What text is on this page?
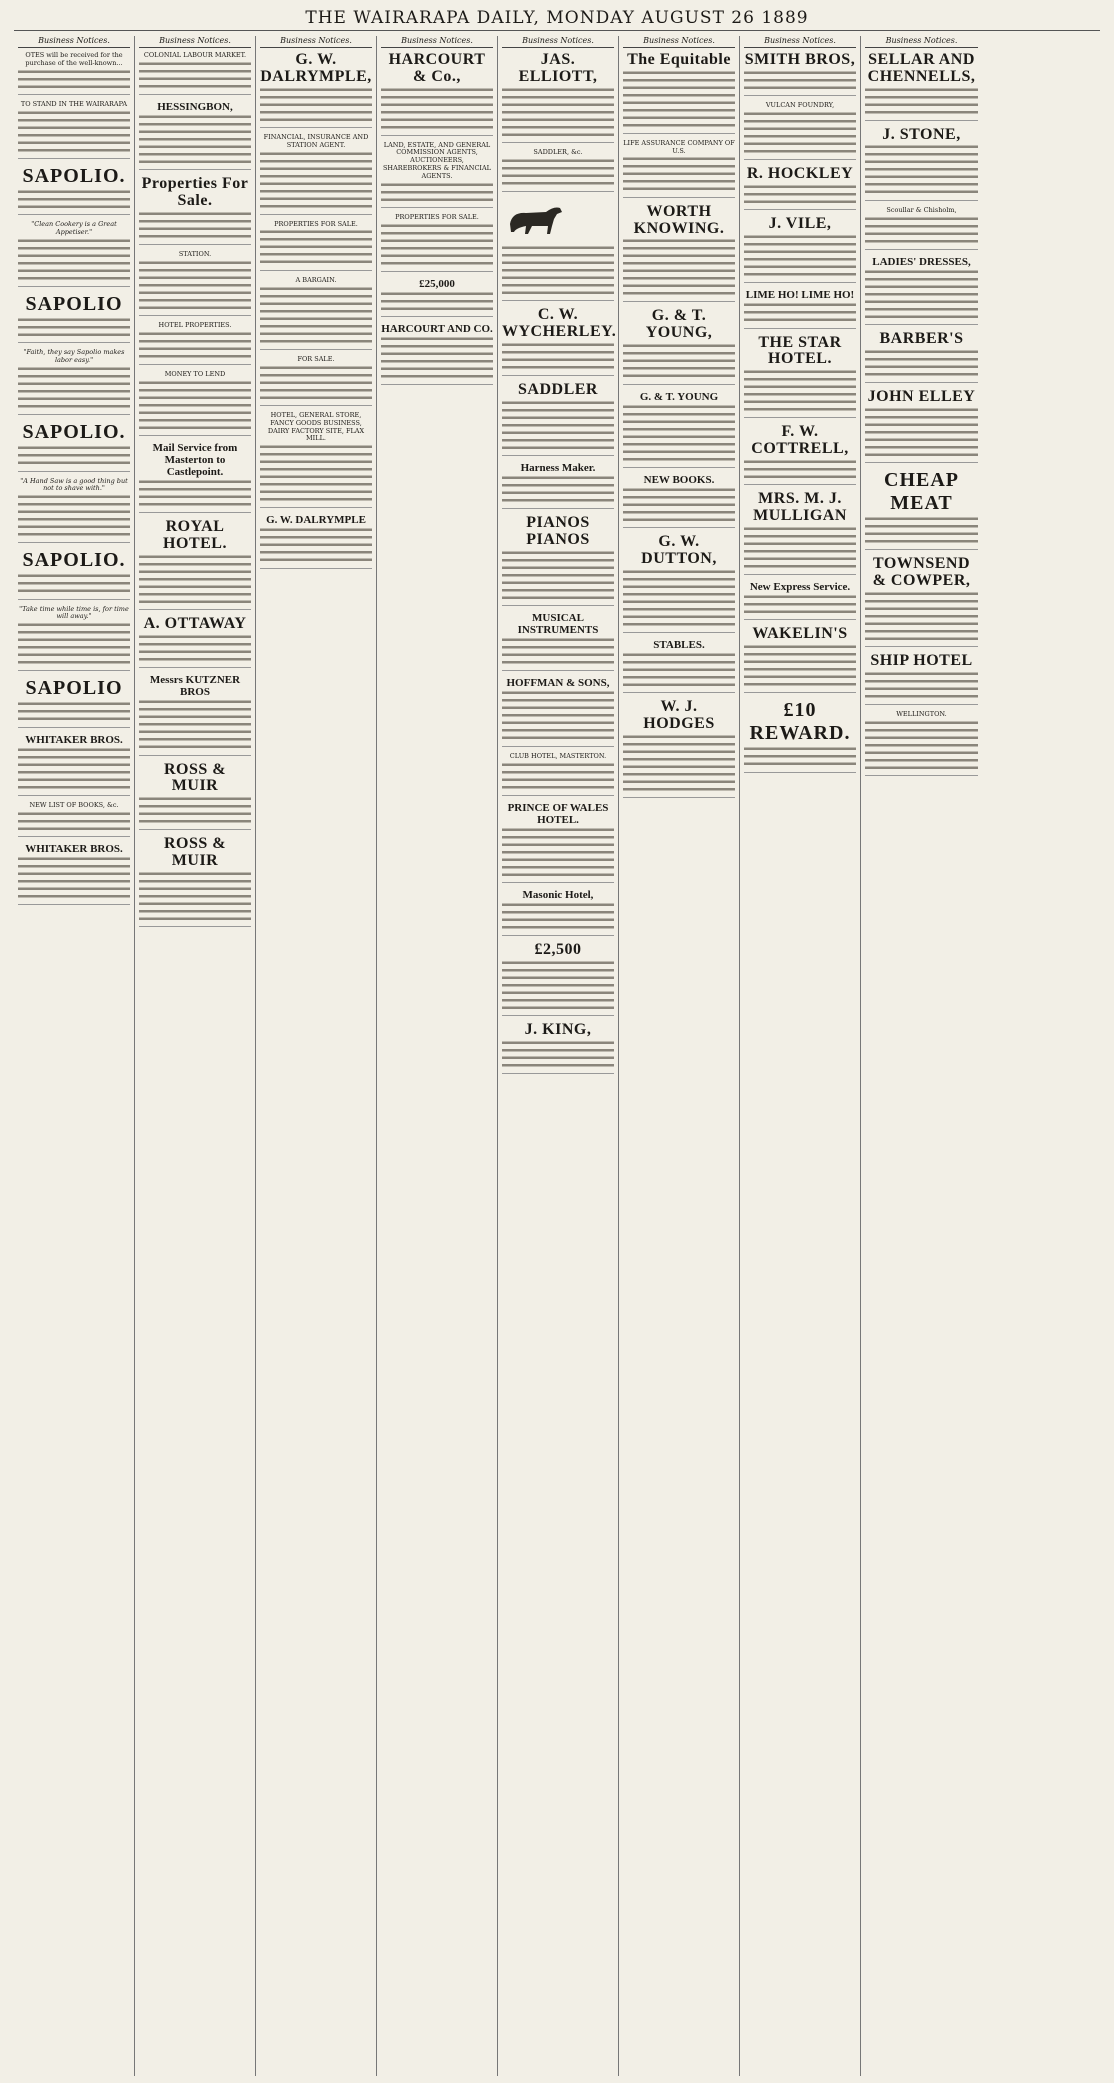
THE WAIRARAPA DAILY, MONDAY AUGUST 26 1889
Business Notices.
OTES will be received for the purchase of the well-known...
TO STAND IN THE WAIRARAPA
SAPOLIO.
"Clean Cookery is a Great Appetiser."
SAPOLIO
"Faith, they say Sapolio makes labor easy."
SAPOLIO.
"A Hand Saw is a good thing but not to shave with."
SAPOLIO.
"Take time while time is, for time will away."
SAPOLIO
WHITAKER BROS.
NEW LIST OF BOOKS, &c.
WHITAKER BROS.
Business Notices.
COLONIAL LABOUR MARKET.
HESSINGBON,
Properties For Sale.
STATION.
HOTEL PROPERTIES.
MONEY TO LEND
Mail Service from Masterton to Castlepoint.
ROYAL HOTEL.
A. OTTAWAY
Messrs KUTZNER BROS
ROSS & MUIR
ROSS & MUIR
Business Notices.
G. W. DALRYMPLE,
FINANCIAL, INSURANCE AND STATION AGENT.
PROPERTIES FOR SALE.
A BARGAIN.
FOR SALE.
HOTEL, GENERAL STORE, FANCY GOODS BUSINESS, DAIRY FACTORY SITE, FLAX MILL.
G. W. DALRYMPLE
Business Notices.
HARCOURT & Co.,
LAND, ESTATE, AND GENERAL COMMISSION AGENTS, AUCTIONEERS, SHAREBROKERS & FINANCIAL AGENTS.
PROPERTIES FOR SALE.
£25,000
HARCOURT AND CO.
Business Notices.
JAS. ELLIOTT,
SADDLER, &c.
C. W. WYCHERLEY.
SADDLER
Harness Maker.
PIANOS PIANOS
MUSICAL INSTRUMENTS
HOFFMAN & SONS,
CLUB HOTEL, MASTERTON.
PRINCE OF WALES HOTEL.
Masonic Hotel,
£2,500
J. KING,
Business Notices.
The Equitable
LIFE ASSURANCE COMPANY OF U.S.
WORTH KNOWING.
G. & T. YOUNG,
G. & T. YOUNG
NEW BOOKS.
G. W. DUTTON,
STABLES.
W. J. HODGES
Business Notices.
SMITH BROS,
VULCAN FOUNDRY,
R. HOCKLEY
J. VILE,
LIME HO! LIME HO!
THE STAR HOTEL.
F. W. COTTRELL,
MRS. M. J. MULLIGAN
New Express Service.
WAKELIN'S
£10 REWARD.
Business Notices.
SELLAR AND CHENNELLS,
J. STONE,
Scoullar & Chisholm,
LADIES' DRESSES,
BARBER'S
JOHN ELLEY
CHEAP MEAT
TOWNSEND & COWPER,
SHIP HOTEL
WELLINGTON.
